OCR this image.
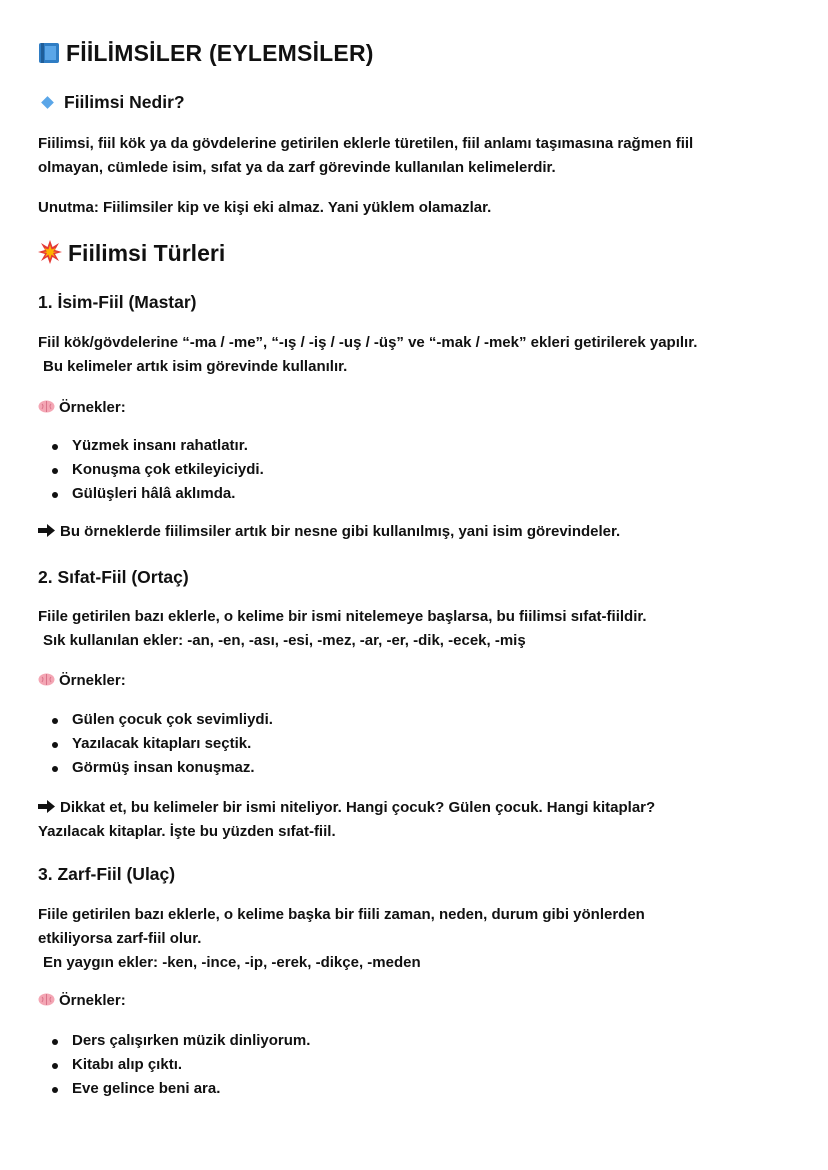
FİİLİMSİLER (EYLEMSİLER)
Fiilimsi Nedir?
Fiilimsi, fiil kök ya da gövdelerine getirilen eklerle türetilen, fiil anlamı taşımasına rağmen fiil
olmayan, cümlede isim, sıfat ya da zarf görevinde kullanılan kelimelerdir.
Unutma: Fiilimsiler kip ve kişi eki almaz. Yani yüklem olamazlar.
Fiilimsi Türleri
1. İsim-Fiil (Mastar)
Fiil kök/gövdelerine “-ma / -me”, “-ış / -iş / -uş / -üş” ve “-mak / -mek” ekleri getirilerek yapılır.
Bu kelimeler artık isim görevinde kullanılır.
Örnekler:
Yüzmek insanı rahatlatır.
Konuşma çok etkileyiciydi.
Gülüşleri hâlâ aklımda.
Bu örneklerde fiilimsiler artık bir nesne gibi kullanılmış, yani isim görevindeler.
2. Sıfat-Fiil (Ortaç)
Fiile getirilen bazı eklerle, o kelime bir ismi nitelemeye başlarsa, bu fiilimsi sıfat-fiildir.
Sık kullanılan ekler: -an, -en, -ası, -esi, -mez, -ar, -er, -dik, -ecek, -miş
Örnekler:
Gülen çocuk çok sevimliydi.
Yazılacak kitapları seçtik.
Görmüş insan konuşmaz.
Dikkat et, bu kelimeler bir ismi niteliyor. Hangi çocuk? Gülen çocuk. Hangi kitaplar?
Yazılacak kitaplar. İşte bu yüzden sıfat-fiil.
3. Zarf-Fiil (Ulaç)
Fiile getirilen bazı eklerle, o kelime başka bir fiili zaman, neden, durum gibi yönlerden
etkiliyorsa zarf-fiil olur.
En yaygın ekler: -ken, -ince, -ip, -erek, -dikçe, -meden
Örnekler:
Ders çalışırken müzik dinliyorum.
Kitabı alıp çıktı.
Eve gelince beni ara.
